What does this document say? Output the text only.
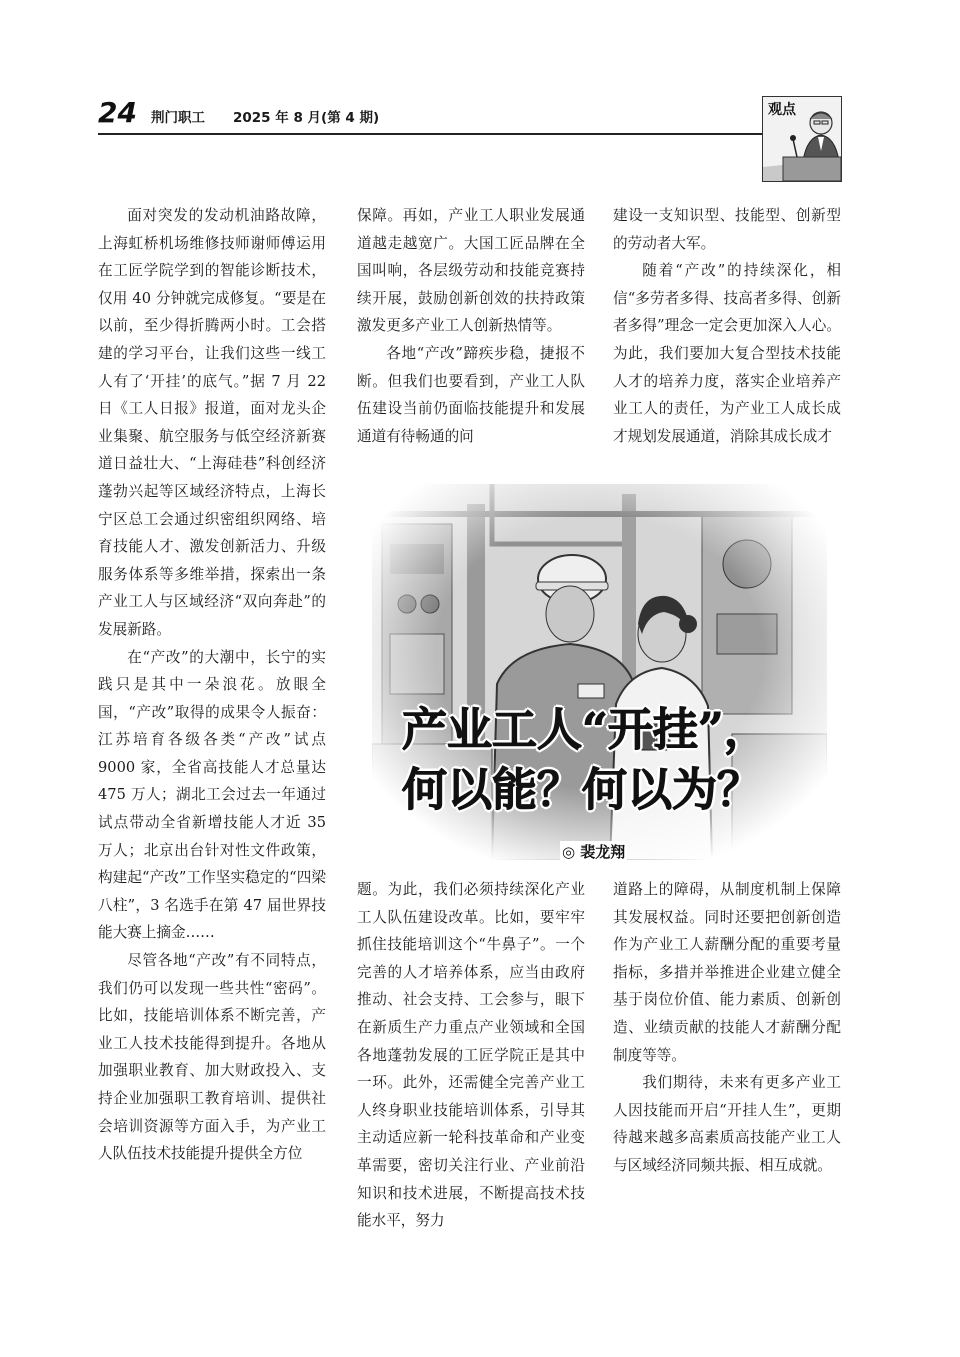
24 荆门职工 2025 年 8 月(第 4 期)	观点

面对突发的发动机油路故障，上海虹桥机场维修技师谢师傅运用在工匠学院学到的智能诊断技术，仅用 40 分钟就完成修复。“要是在以前，至少得折腾两小时。工会搭建的学习平台，让我们这些一线工人有了‘开挂’的底气。”据 7 月 22 日《工人日报》报道，面对龙头企业集聚、航空服务与低空经济新赛道日益壮大、“上海硅巷”科创经济蓬勃兴起等区域经济特点，上海长宁区总工会通过织密组织网络、培育技能人才、激发创新活力、升级服务体系等多维举措，探索出一条产业工人与区域经济“双向奔赴”的发展新路。

在“产改”的大潮中，长宁的实践只是其中一朵浪花。放眼全国，“产改”取得的成果令人振奋：江苏培育各级各类“产改”试点 9000 家，全省高技能人才总量达 475 万人；湖北工会过去一年通过试点带动全省新增技能人才近 35 万人；北京出台针对性文件政策，构建起“产改”工作坚实稳定的“四梁八柱”，3 名选手在第 47 届世界技能大赛上摘金……

尽管各地“产改”有不同特点，我们仍可以发现一些共性“密码”。比如，技能培训体系不断完善，产业工人技术技能得到提升。各地从加强职业教育、加大财政投入、支持企业加强职工教育培训、提供社会培训资源等方面入手，为产业工人队伍技术技能提升提供全方位

保障。再如，产业工人职业发展通道越走越宽广。大国工匠品牌在全国叫响，各层级劳动和技能竞赛持续开展，鼓励创新创效的扶持政策激发更多产业工人创新热情等。

各地“产改”蹄疾步稳，捷报不断。但我们也要看到，产业工人队伍建设当前仍面临技能提升和发展通道有待畅通的问

建设一支知识型、技能型、创新型的劳动者大军。

随着“产改”的持续深化，相信“多劳者多得、技高者多得、创新者多得”理念一定会更加深入人心。为此，我们要加大复合型技术技能人才的培养力度，落实企业培养产业工人的责任，为产业工人成长成才规划发展通道，消除其成长成才

产业工人“开挂”，
何以能？何以为？
◎ 裴龙翔

题。为此，我们必须持续深化产业工人队伍建设改革。比如，要牢牢抓住技能培训这个“牛鼻子”。一个完善的人才培养体系，应当由政府推动、社会支持、工会参与，眼下在新质生产力重点产业领域和全国各地蓬勃发展的工匠学院正是其中一环。此外，还需健全完善产业工人终身职业技能培训体系，引导其主动适应新一轮科技革命和产业变革需要，密切关注行业、产业前沿知识和技术进展，不断提高技术技能水平，努力

道路上的障碍，从制度机制上保障其发展权益。同时还要把创新创造作为产业工人薪酬分配的重要考量指标，多措并举推进企业建立健全基于岗位价值、能力素质、创新创造、业绩贡献的技能人才薪酬分配制度等等。

我们期待，未来有更多产业工人因技能而开启“开挂人生”，更期待越来越多高素质高技能产业工人与区域经济同频共振、相互成就。
